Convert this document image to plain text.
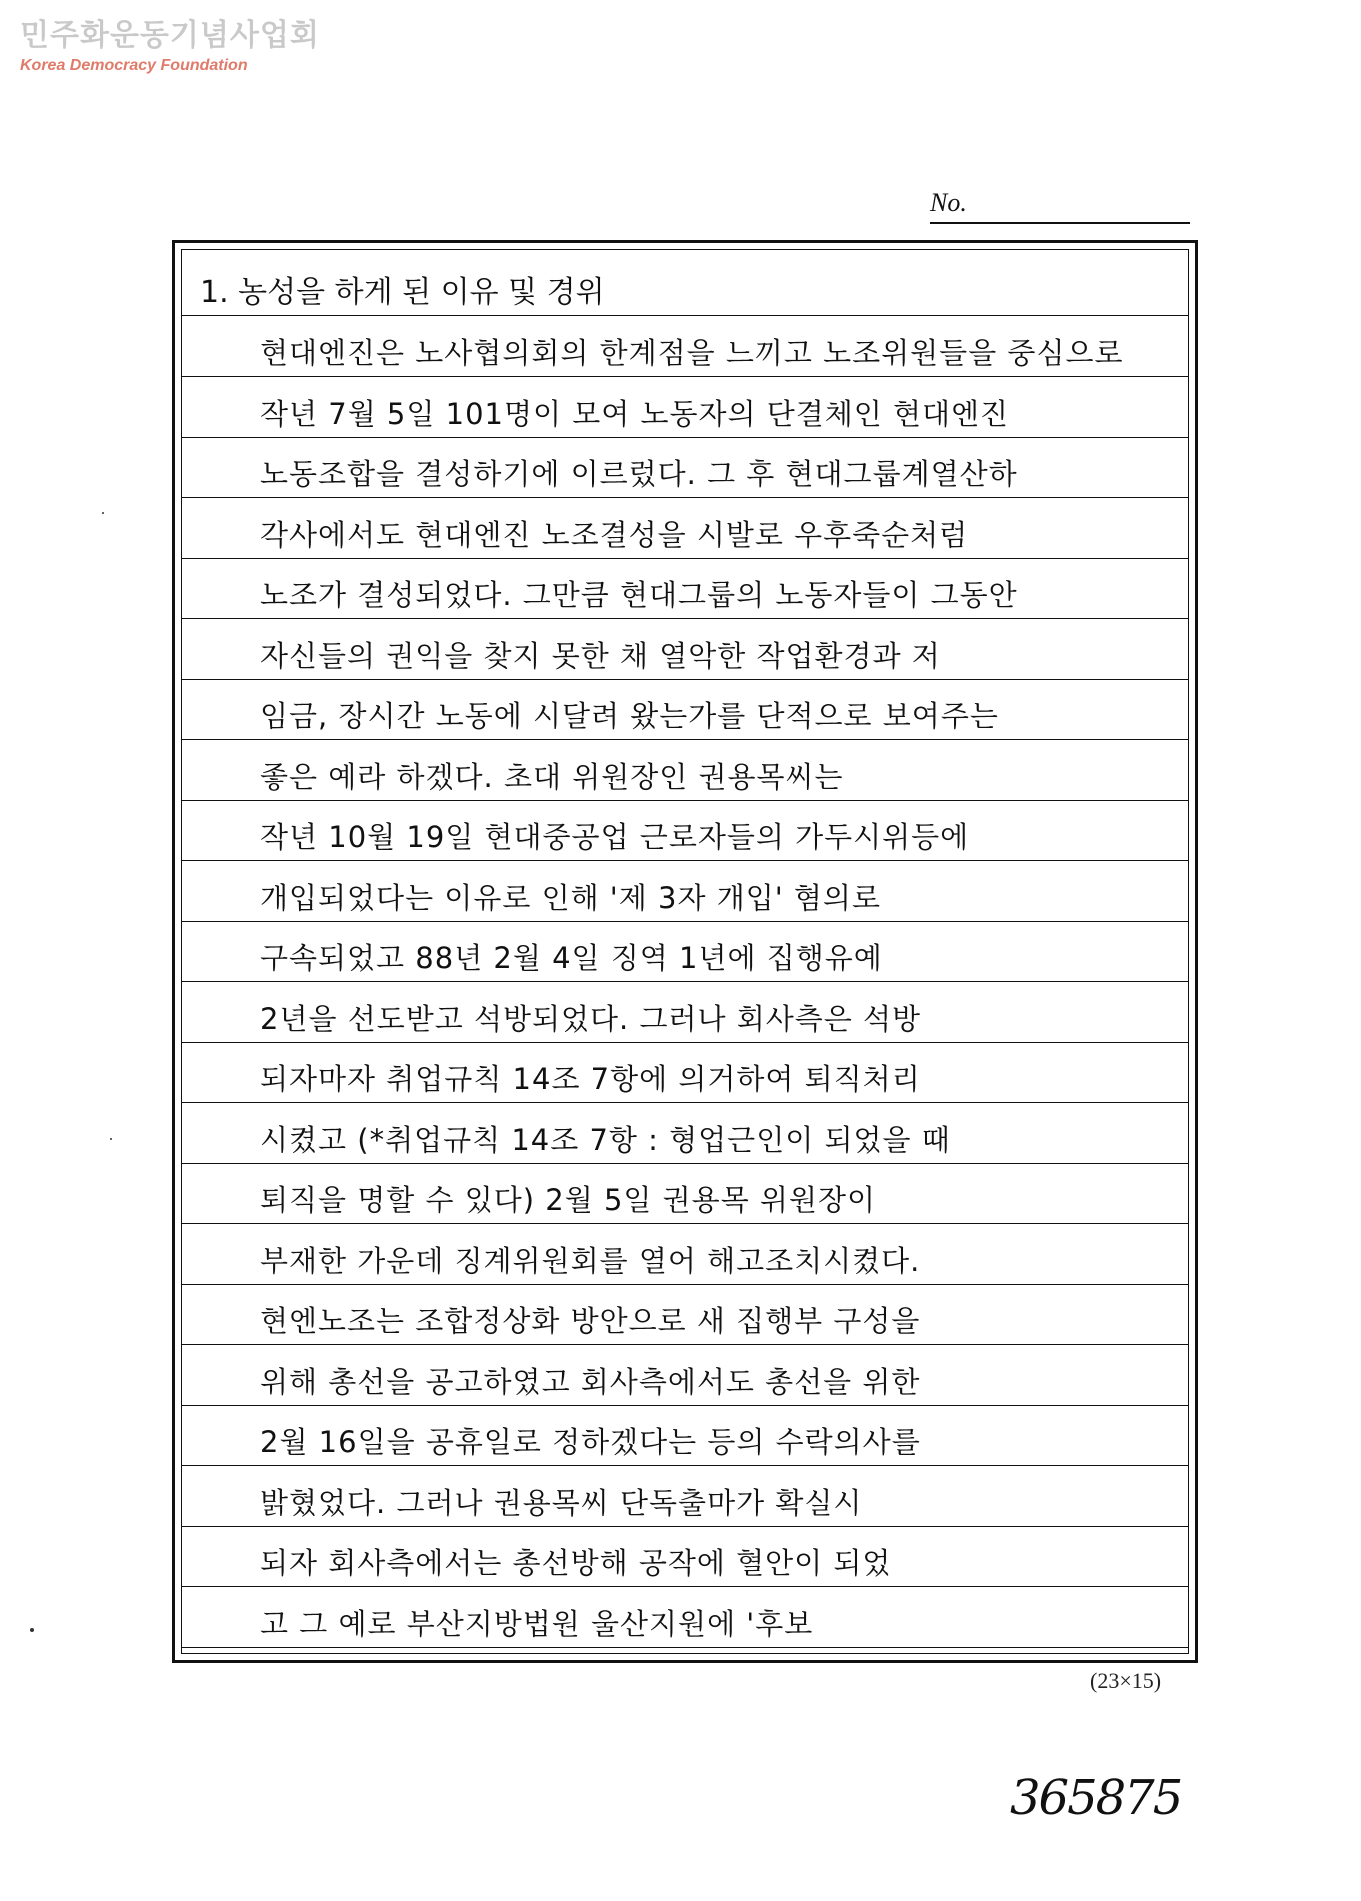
민주화운동기념사업회
Korea Democracy Foundation
No.
1. 농성을 하게 된 이유 및 경위
현대엔진은 노사협의회의 한계점을 느끼고 노조위원들을 중심으로
작년 7월 5일 101명이 모여 노동자의 단결체인 현대엔진
노동조합을 결성하기에 이르렀다. 그 후 현대그룹계열산하
각사에서도 현대엔진 노조결성을 시발로 우후죽순처럼
노조가 결성되었다. 그만큼 현대그룹의 노동자들이 그동안
자신들의 권익을 찾지 못한 채 열악한 작업환경과 저
임금, 장시간 노동에 시달려 왔는가를 단적으로 보여주는
좋은 예라 하겠다. 초대 위원장인 권용목씨는
작년 10월 19일 현대중공업 근로자들의 가두시위등에
개입되었다는 이유로 인해 '제 3자 개입' 혐의로
구속되었고 88년 2월 4일 징역 1년에 집행유예
2년을 선도받고 석방되었다. 그러나 회사측은 석방
되자마자 취업규칙 14조 7항에 의거하여 퇴직처리
시켰고 (*취업규칙 14조 7항 : 형업근인이 되었을 때
퇴직을 명할 수 있다) 2월 5일 권용목 위원장이
부재한 가운데 징계위원회를 열어 해고조치시켰다.
현엔노조는 조합정상화 방안으로 새 집행부 구성을
위해 총선을 공고하였고 회사측에서도 총선을 위한
2월 16일을 공휴일로 정하겠다는 등의 수락의사를
밝혔었다. 그러나 권용목씨 단독출마가 확실시
되자 회사측에서는 총선방해 공작에 혈안이 되었
고 그 예로 부산지방법원 울산지원에 '후보
(23×15)
365875
